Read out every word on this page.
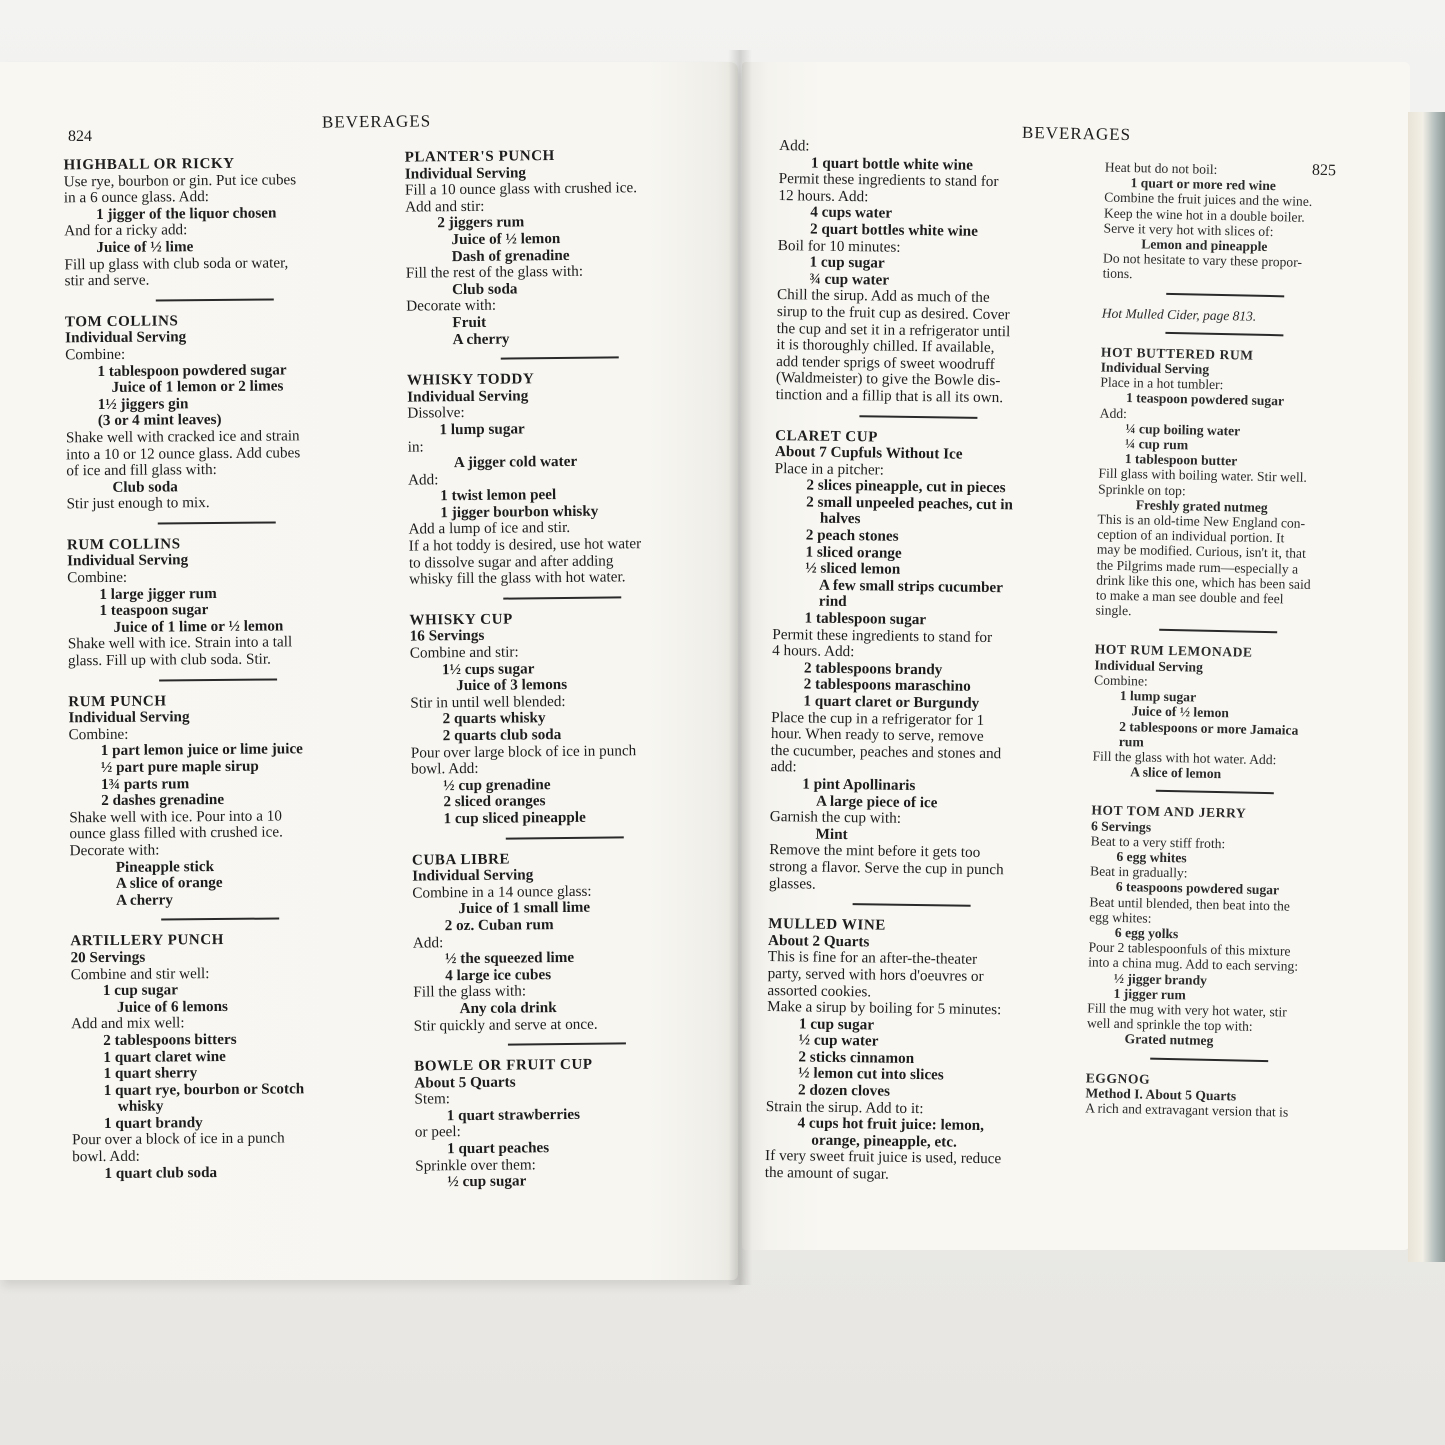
824
BEVERAGES

HIGHBALL OR RICKY

Use rye, bourbon or gin. Put ice cubes

in a 6 ounce glass. Add:

1 jigger of the liquor chosen

And for a ricky add:

Juice of ½ lime

Fill up glass with club soda or water,

stir and serve.

TOM COLLINS

Individual Serving

Combine:

1 tablespoon powdered sugar

Juice of 1 lemon or 2 limes

1½ jiggers gin

(3 or 4 mint leaves)

Shake well with cracked ice and strain

into a 10 or 12 ounce glass. Add cubes

of ice and fill glass with:

Club soda

Stir just enough to mix.

RUM COLLINS

Individual Serving

Combine:

1 large jigger rum

1 teaspoon sugar

Juice of 1 lime or ½ lemon

Shake well with ice. Strain into a tall

glass. Fill up with club soda. Stir.

RUM PUNCH

Individual Serving

Combine:

1 part lemon juice or lime juice

½ part pure maple sirup

1¾ parts rum

2 dashes grenadine

Shake well with ice. Pour into a 10

ounce glass filled with crushed ice.

Decorate with:

Pineapple stick

A slice of orange

A cherry

ARTILLERY PUNCH

20 Servings

Combine and stir well:

1 cup sugar

Juice of 6 lemons

Add and mix well:

2 tablespoons bitters

1 quart claret wine

1 quart sherry

1 quart rye, bourbon or Scotch

whisky

1 quart brandy

Pour over a block of ice in a punch

bowl. Add:

1 quart club soda

PLANTER'S PUNCH

Individual Serving

Fill a 10 ounce glass with crushed ice.

Add and stir:

2 jiggers rum

Juice of ½ lemon

Dash of grenadine

Fill the rest of the glass with:

Club soda

Decorate with:

Fruit

A cherry

WHISKY TODDY

Individual Serving

Dissolve:

1 lump sugar

in:

A jigger cold water

Add:

1 twist lemon peel

1 jigger bourbon whisky

Add a lump of ice and stir.

If a hot toddy is desired, use hot water

to dissolve sugar and after adding

whisky fill the glass with hot water.

WHISKY CUP

16 Servings

Combine and stir:

1½ cups sugar

Juice of 3 lemons

Stir in until well blended:

2 quarts whisky

2 quarts club soda

Pour over large block of ice in punch

bowl. Add:

½ cup grenadine

2 sliced oranges

1 cup sliced pineapple

CUBA LIBRE

Individual Serving

Combine in a 14 ounce glass:

Juice of 1 small lime

2 oz. Cuban rum

Add:

½ the squeezed lime

4 large ice cubes

Fill the glass with:

Any cola drink

Stir quickly and serve at once.

BOWLE OR FRUIT CUP

About 5 Quarts

Stem:

1 quart strawberries

or peel:

1 quart peaches

Sprinkle over them:

½ cup sugar

BEVERAGES
825

Add:

1 quart bottle white wine

Permit these ingredients to stand for

12 hours. Add:

4 cups water

2 quart bottles white wine

Boil for 10 minutes:

1 cup sugar

¾ cup water

Chill the sirup. Add as much of the

sirup to the fruit cup as desired. Cover

the cup and set it in a refrigerator until

it is thoroughly chilled. If available,

add tender sprigs of sweet woodruff

(Waldmeister) to give the Bowle dis-

tinction and a fillip that is all its own.

CLARET CUP

About 7 Cupfuls Without Ice

Place in a pitcher:

2 slices pineapple, cut in pieces

2 small unpeeled peaches, cut in

halves

2 peach stones

1 sliced orange

½ sliced lemon

A few small strips cucumber

rind

1 tablespoon sugar

Permit these ingredients to stand for

4 hours. Add:

2 tablespoons brandy

2 tablespoons maraschino

1 quart claret or Burgundy

Place the cup in a refrigerator for 1

hour. When ready to serve, remove

the cucumber, peaches and stones and

add:

1 pint Apollinaris

A large piece of ice

Garnish the cup with:

Mint

Remove the mint before it gets too

strong a flavor. Serve the cup in punch

glasses.

MULLED WINE

About 2 Quarts

This is fine for an after-the-theater

party, served with hors d'oeuvres or

assorted cookies.

Make a sirup by boiling for 5 minutes:

1 cup sugar

½ cup water

2 sticks cinnamon

½ lemon cut into slices

2 dozen cloves

Strain the sirup. Add to it:

4 cups hot fruit juice: lemon,

orange, pineapple, etc.

If very sweet fruit juice is used, reduce

the amount of sugar.

Heat but do not boil:

1 quart or more red wine

Combine the fruit juices and the wine.

Keep the wine hot in a double boiler.

Serve it very hot with slices of:

Lemon and pineapple

Do not hesitate to vary these propor-

tions.

Hot Mulled Cider, page 813.

HOT BUTTERED RUM

Individual Serving

Place in a hot tumbler:

1 teaspoon powdered sugar

Add:

¼ cup boiling water

¼ cup rum

1 tablespoon butter

Fill glass with boiling water. Stir well.

Sprinkle on top:

Freshly grated nutmeg

This is an old-time New England con-

ception of an individual portion. It

may be modified. Curious, isn't it, that

the Pilgrims made rum—especially a

drink like this one, which has been said

to make a man see double and feel

single.

HOT RUM LEMONADE

Individual Serving

Combine:

1 lump sugar

Juice of ½ lemon

2 tablespoons or more Jamaica

rum

Fill the glass with hot water. Add:

A slice of lemon

HOT TOM AND JERRY

6 Servings

Beat to a very stiff froth:

6 egg whites

Beat in gradually:

6 teaspoons powdered sugar

Beat until blended, then beat into the

egg whites:

6 egg yolks

Pour 2 tablespoonfuls of this mixture

into a china mug. Add to each serving:

½ jigger brandy

1 jigger rum

Fill the mug with very hot water, stir

well and sprinkle the top with:

Grated nutmeg

EGGNOG

Method I. About 5 Quarts

A rich and extravagant version that is
